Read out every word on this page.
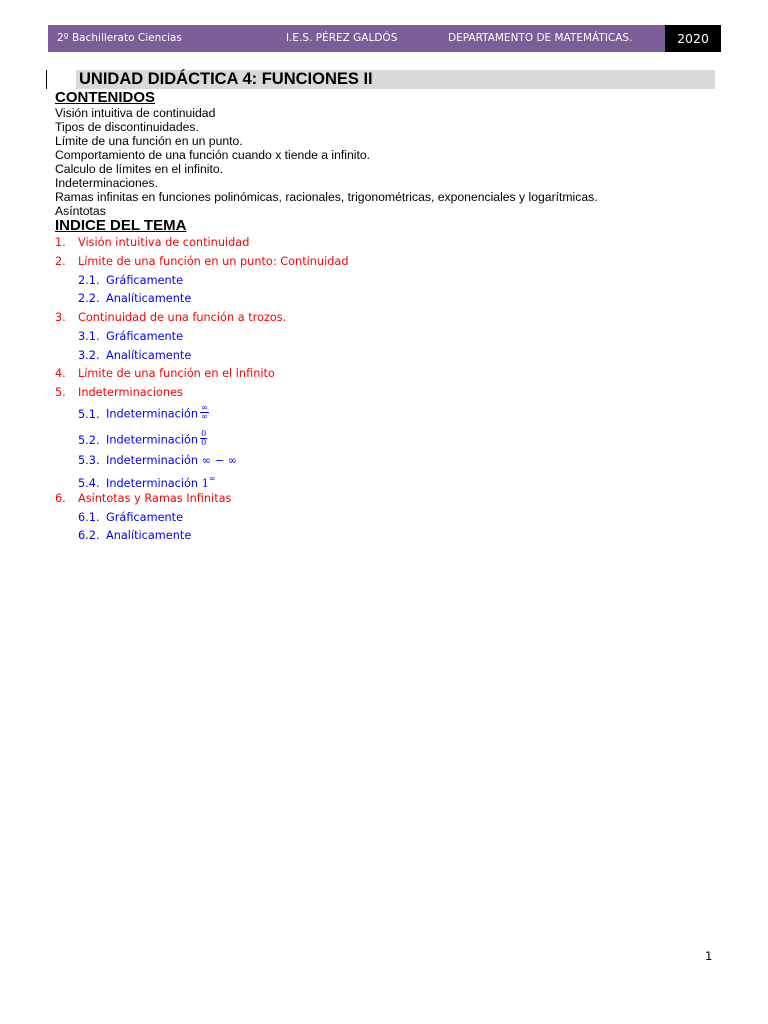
2º Bachillerato Ciencias	I.E.S. PÉREZ GALDÓS	DEPARTAMENTO DE MATEMÁTICAS.	2020
UNIDAD DIDÁCTICA 4: FUNCIONES II
CONTENIDOS
Visión intuitiva de continuidad
Tipos de discontinuidades.
Límite de una función en un punto.
Comportamiento de una función cuando x tiende a infinito.
Calculo de límites en el infinito.
Indeterminaciones.
Ramas infinitas en funciones polinómicas, racionales, trigonométricas, exponenciales y logarítmicas.
Asíntotas
INDICE DEL TEMA
1. Visión intuitiva de continuidad
2. Límite de una función en un punto: Continuidad
2.1. Gráficamente
2.2. Analíticamente
3. Continuidad de una función a trozos.
3.1. Gráficamente
3.2. Analíticamente
4. Límite de una función en el infinito
5. Indeterminaciones
5.1. Indeterminación $\frac{\infty}{\infty}$
5.2. Indeterminación $\frac{0}{0}$
5.3. Indeterminación ∞ − ∞
5.4. Indeterminación 1∞
6. Asíntotas y Ramas Infinitas
6.1. Gráficamente
6.2. Analíticamente
1
